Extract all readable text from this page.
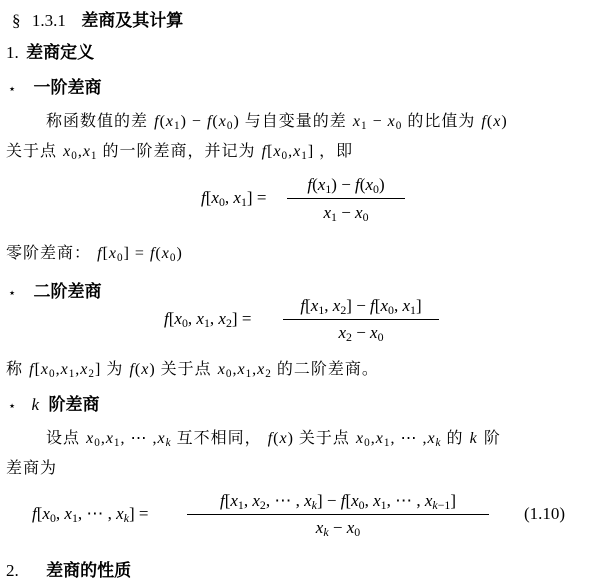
§ 1.3.1 差商及其计算
1. 差商定义
⋆ 一阶差商
称函数值的差 $f(x_1) - f(x_0)$ 与自变量的差 $x_1 - x_0$ 的比值为 f(x)
关于点 $x_0,x_1$ 的一阶差商，并记为 $f[x_0,x_1]$ ，即
$f[x_0$, $x_1$] =
$f(x_1) - f(x_0)$
$x_1 - x_0$
零阶差商： $f[x_0] = f(x_0)$
⋆ 二阶差商
$f[x_0$, $x_1$, $x_2$] =
$f[x_1$, $x_2] - f[x_0$, $x_1$]
$x_2 - x_0$
称 $f[x_0,x_1,x_2]$ 为 f(x) 关于点 $x_0,x_1,x_2$ 的二阶差商。
⋆ k 阶差商
设点 $x_0,x_1$, ⋯ $,x_k$ 互不相同， f(x) 关于点 $x_0,x_1$, ⋯ $,x_k$ 的 k 阶
差商为
$f[x_0$, $x_1$, ⋯ , $x_k$] =
$f[x_1$, $x_2$, ⋯ , $x_k] - f[x_0$, $x_1$, ⋯ , $x_{k-1}$]
$x_k - x_0$
(1.10)
2. 差商的性质
